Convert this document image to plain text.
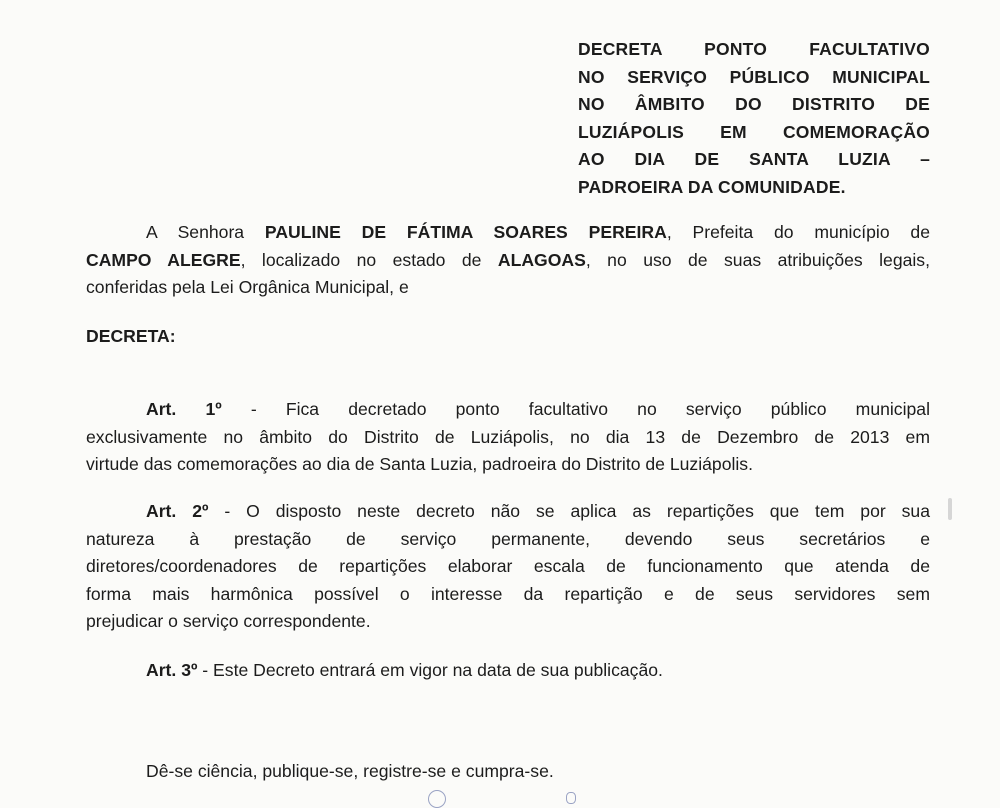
DECRETA PONTO FACULTATIVO
NO SERVIÇO PÚBLICO MUNICIPAL
NO ÂMBITO DO DISTRITO DE
LUZIÁPOLIS EM COMEMORAÇÃO
AO DIA DE SANTA LUZIA –
PADROEIRA DA COMUNIDADE.
A Senhora PAULINE DE FÁTIMA SOARES PEREIRA, Prefeita do município de
CAMPO ALEGRE, localizado no estado de ALAGOAS, no uso de suas atribuições legais,
conferidas pela Lei Orgânica Municipal, e
DECRETA:
Art. 1º - Fica decretado ponto facultativo no serviço público municipal
exclusivamente no âmbito do Distrito de Luziápolis, no dia 13 de Dezembro de 2013 em
virtude das comemorações ao dia de Santa Luzia, padroeira do Distrito de Luziápolis.
Art. 2º - O disposto neste decreto não se aplica as repartições que tem por sua
natureza à prestação de serviço permanente, devendo seus secretários e
diretores/coordenadores de repartições elaborar escala de funcionamento que atenda de
forma mais harmônica possível o interesse da repartição e de seus servidores sem
prejudicar o serviço correspondente.
Art. 3º - Este Decreto entrará em vigor na data de sua publicação.
Dê-se ciência, publique-se, registre-se e cumpra-se.
